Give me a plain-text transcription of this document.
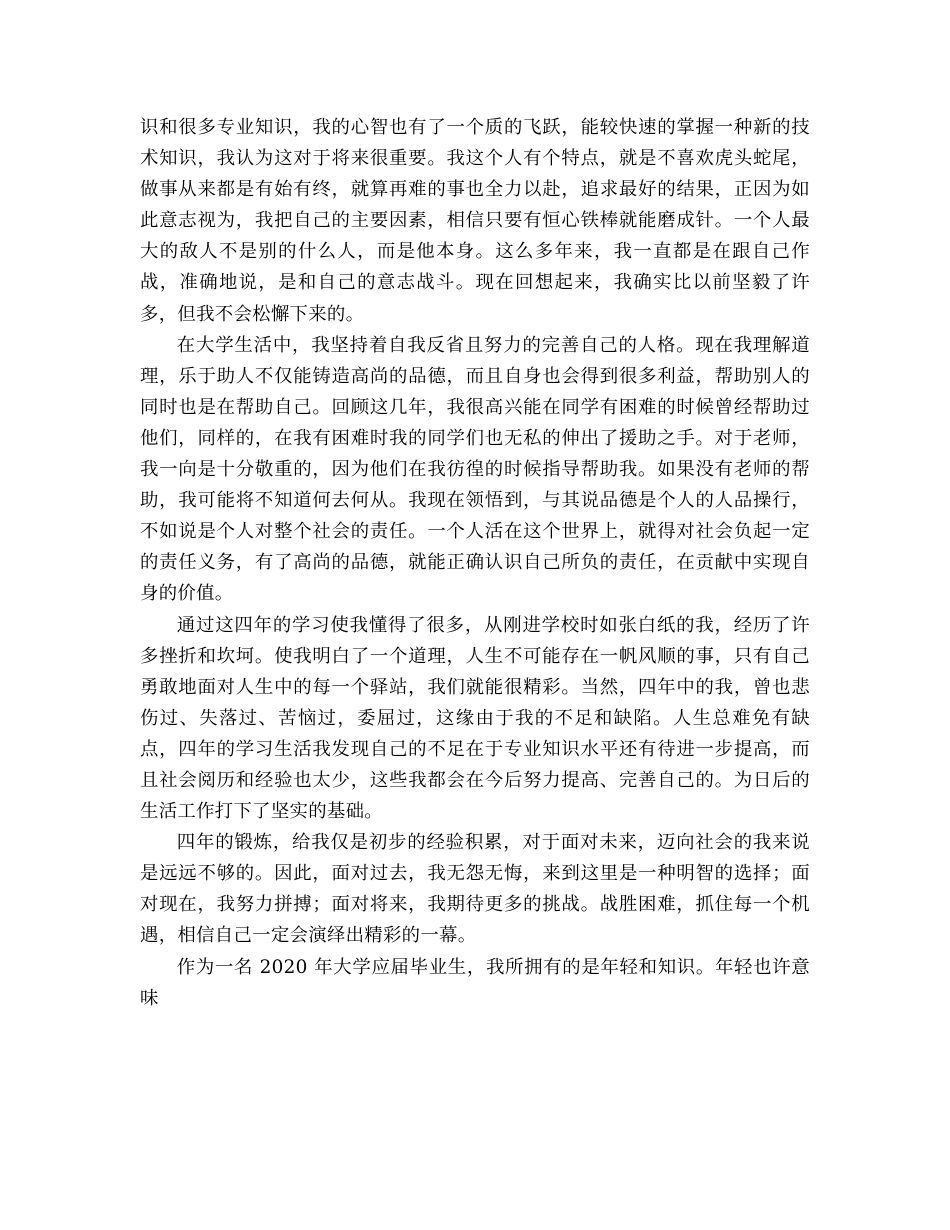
识和很多专业知识，我的心智也有了一个质的飞跃，能较快速的掌握一种新的技术知识，我认为这对于将来很重要。我这个人有个特点，就是不喜欢虎头蛇尾，做事从来都是有始有终，就算再难的事也全力以赴，追求最好的结果，正因为如此意志视为，我把自己的主要因素，相信只要有恒心铁棒就能磨成针。一个人最大的敌人不是别的什么人，而是他本身。这么多年来，我一直都是在跟自己作战，准确地说，是和自己的意志战斗。现在回想起来，我确实比以前坚毅了许多，但我不会松懈下来的。

在大学生活中，我坚持着自我反省且努力的完善自己的人格。现在我理解道理，乐于助人不仅能铸造高尚的品德，而且自身也会得到很多利益，帮助别人的同时也是在帮助自己。回顾这几年，我很高兴能在同学有困难的时候曾经帮助过他们，同样的，在我有困难时我的同学们也无私的伸出了援助之手。对于老师，我一向是十分敬重的，因为他们在我彷徨的时候指导帮助我。如果没有老师的帮助，我可能将不知道何去何从。我现在领悟到，与其说品德是个人的人品操行，不如说是个人对整个社会的责任。一个人活在这个世界上，就得对社会负起一定的责任义务，有了高尚的品德，就能正确认识自己所负的责任，在贡献中实现自身的价值。

通过这四年的学习使我懂得了很多，从刚进学校时如张白纸的我，经历了许多挫折和坎坷。使我明白了一个道理，人生不可能存在一帆风顺的事，只有自己勇敢地面对人生中的每一个驿站，我们就能很精彩。当然，四年中的我，曾也悲伤过、失落过、苦恼过，委屈过，这缘由于我的不足和缺陷。人生总难免有缺点，四年的学习生活我发现自己的不足在于专业知识水平还有待进一步提高，而且社会阅历和经验也太少，这些我都会在今后努力提高、完善自己的。为日后的生活工作打下了坚实的基础。

四年的锻炼，给我仅是初步的经验积累，对于面对未来，迈向社会的我来说是远远不够的。因此，面对过去，我无怨无悔，来到这里是一种明智的选择；面对现在，我努力拼搏；面对将来，我期待更多的挑战。战胜困难，抓住每一个机遇，相信自己一定会演绎出精彩的一幕。

作为一名 2020 年大学应届毕业生，我所拥有的是年轻和知识。年轻也许意味
